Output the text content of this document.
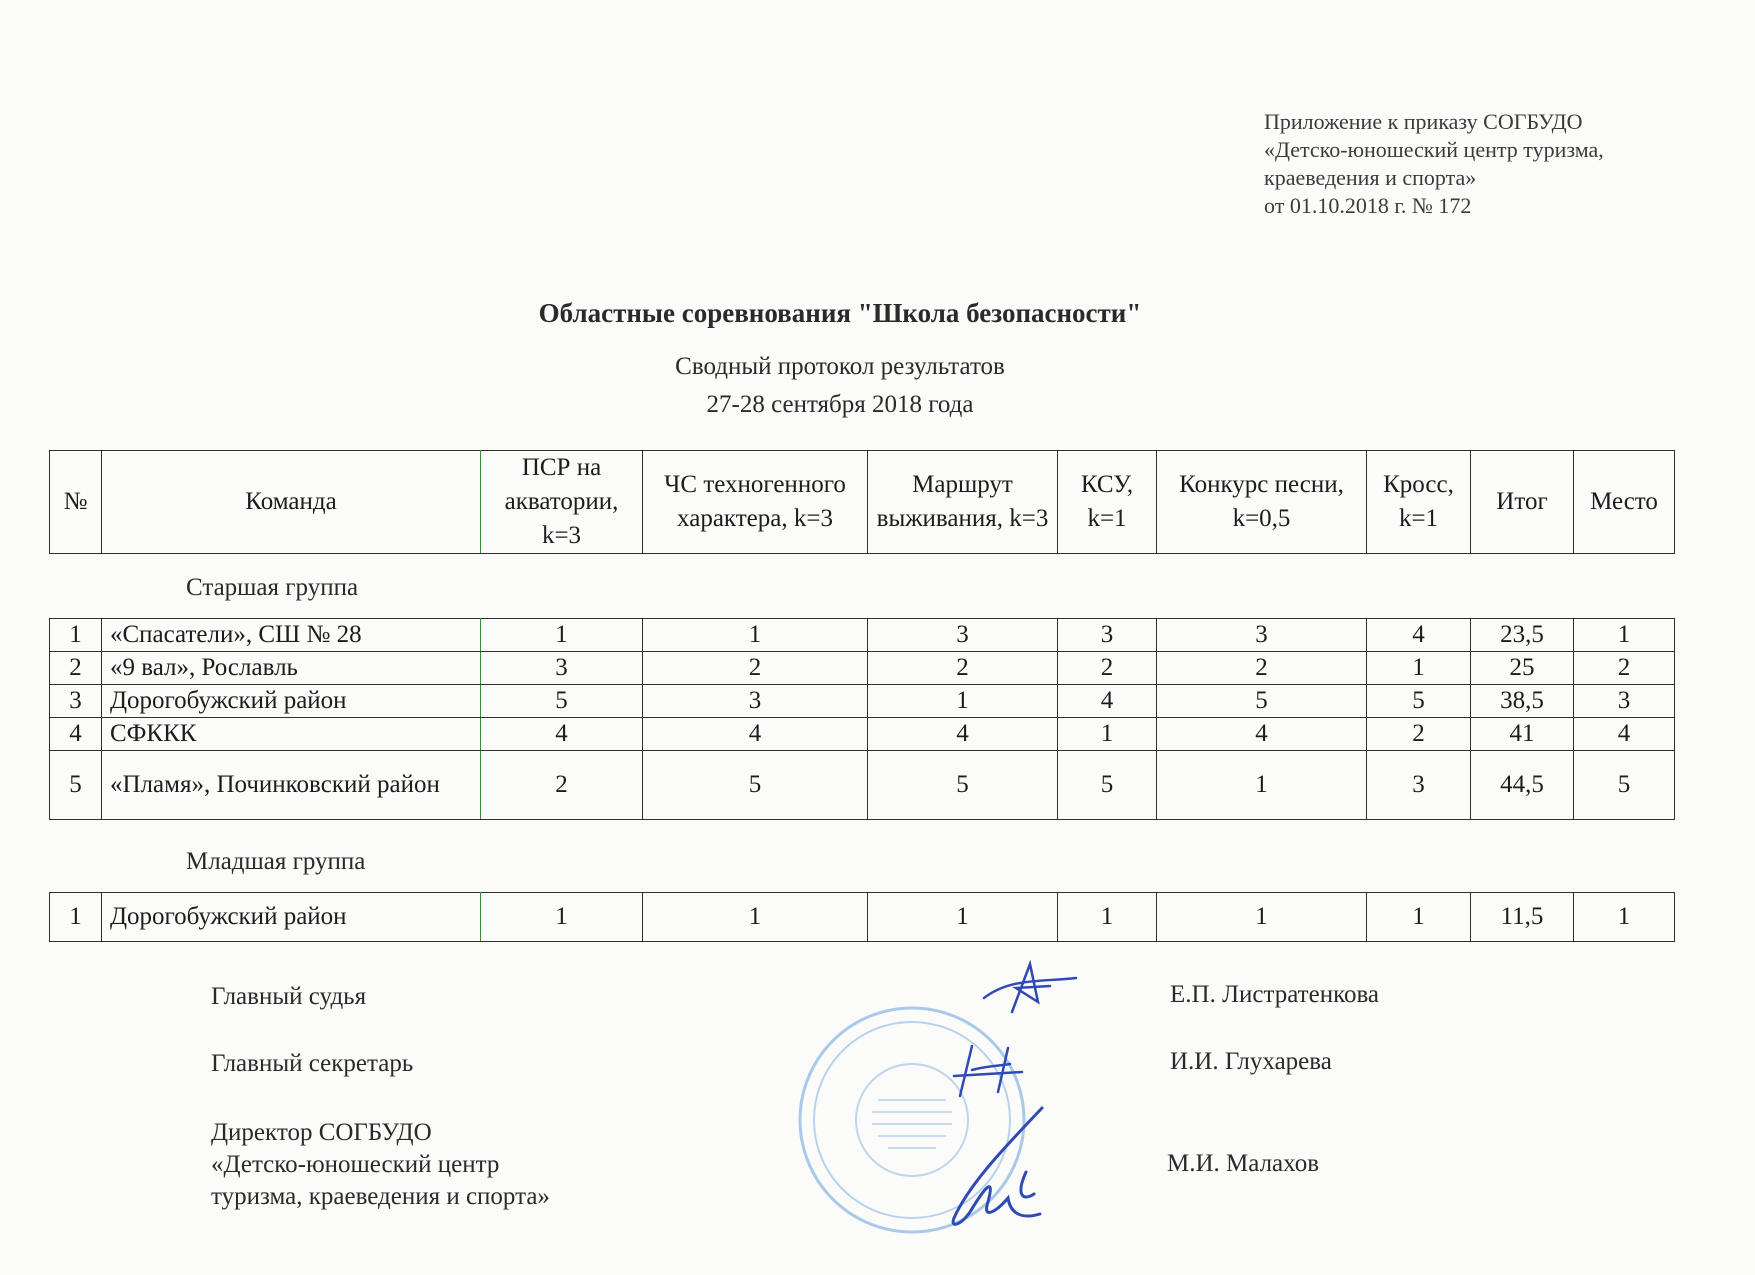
Приложение к приказу СОГБУДО
«Детско-юношеский центр туризма,
краеведения и спорта»
от 01.10.2018 г. № 172
Областные соревнования "Школа безопасности"
Сводный протокол результатов
27-28 сентября 2018 года
№	Команда	ПСР на акватории, k=3	ЧС техногенного характера, k=3	Маршрут выживания, k=3	КСУ, k=1	Конкурс песни, k=0,5	Кросс, k=1	Итог	Место
Старшая группа
1	«Спасатели», СШ № 28	1	1	3	3	3	4	23,5	1
2	«9 вал», Рославль	3	2	2	2	2	1	25	2
3	Дорогобужский район	5	3	1	4	5	5	38,5	3
4	СФККК	4	4	4	1	4	2	41	4
5	«Пламя», Починковский район	2	5	5	5	1	3	44,5	5
Младшая группа
1	Дорогобужский район	1	1	1	1	1	1	11,5	1
Главный судья	Е.П. Листратенкова
Главный секретарь	И.И. Глухарева
Директор СОГБУДО
«Детско-юношеский центр
туризма, краеведения и спорта»
М.И. Малахов
